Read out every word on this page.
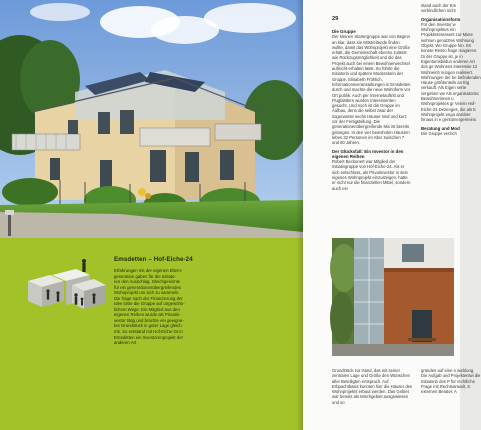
Emsdetten – Hof-Eiche-24

Erfahrungen mit der eigenen Eltern-

generation gaben für die Initiato-

ren den Ausschlag. Gleichgesinnte

für ein generationenübergreifendes

Wohnprojekt um sich zu sammeln.

Die frage nach der Finanzierung der

Idee löste die Gruppe auf ungewöhn-

lichem Wege: Ein Mitglied aus den

eigenen Reihen wurde als Privatin-

vestor tätig und brachte ein geeigne-

tes Grundstück in guter Lage gleich

mit. So entstand mit Hof-Eiche-24 in

Emsdetten ein Investorenprojekt der

anderen Art

29
Die Gruppe

Der kleinen Startergruppe war von Beginn an klar, dass sie Mitstreitende finden wollte, damit das Wohnprojekt eine Größe erhält, die Gemeinschaft ebenso zulässt wie Rückzugsmöglichkeit und die das Projekt auch bei einem Bewohnerwechsel aufrecht-erhalten lässt. So führte die Initiatorin und spätere Moderatorin der Gruppe, Elisabeth Fröhlich, Informationsveranstaltungen in Emsdetten durch und machte die neue Wohnform vor Ort publik. Auch per Internetauftritt und Flugblättern wurden Interessenten gesucht. Und noch ist die Gruppe im Aufbau, denn die selbst zwar der sogenannte sechs Häuser sind und kurz vor der Fertigstellung. Die generationenübergreifende Mix ist bereits gelungen. In den vier bewohnten Häusern leben 32 Personen im Alter zwischen 7 und 80 Jahren.

Der Glücksfall: Ein Investor in den eigenen Reihen

Robert Beckonert war Mitglied der Initiativgruppe von Hof-Eiche-24. Als er sich entschloss, als Privatinvestor in sein eigenes Wohnprojekt einzusteigen, hatte er nicht nur die finanziellen Mittel, sondern auch ein

stand auch der Em verbindlichen nicht

Organisationsform

Für den Investor w Wohnprojektes ein Projektinteressent zur Miete wohnen genutztes Wohnung Objekt. Wo Gruppe fen. Es konnte Resso frage reagieren. Di der Gruppe ist, je in Eigentumsbildun anderen Art des ge Wohnens interessie 12 Wohneinh nungen realisiert. Wohnungen der be befindenden Häuse größtenteils an Eig verkauft. Als Eigen serte vergeben we Als organisatorisc Bewohnerinnen u Wohnprojektes gr Verein Hof-Eiche-24 Dezenges, die als E Wohnprojekt enga darüber hinaus in e gentümergemeins

Beratung und Mod

Die Gruppe verzich

Grundstück zur Hand, das mit seiner zentralen Lage und Größe den Wünschen aller Beteiligten entsprach. Auf Erbpachtbasis konnten hier die Häuser des Wohnprojekts erbaut werden. Das Gebiet war bereits als Mischgebiet ausgewiesen und so
gründen auf eine n wicklung. Die Aufgab und Projektentwi die Initiatorin des P für rechtliche Frage mit Rechtsanwalt, S externen Berater. A
